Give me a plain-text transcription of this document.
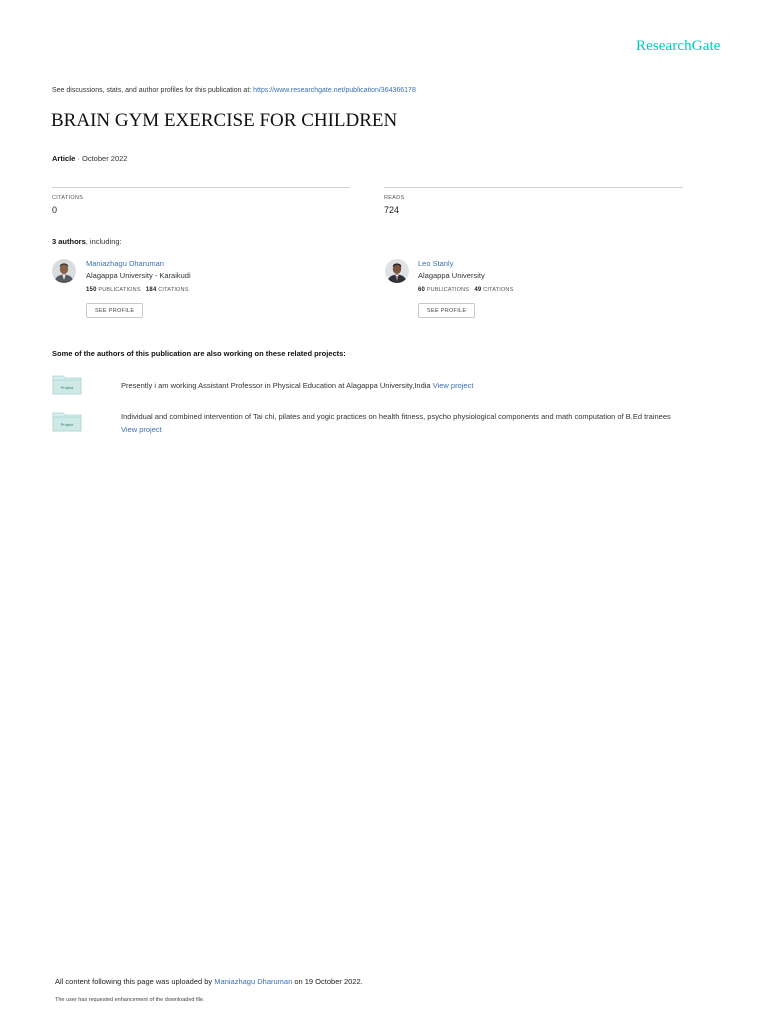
ResearchGate
See discussions, stats, and author profiles for this publication at: https://www.researchgate.net/publication/364366178
BRAIN GYM EXERCISE FOR CHILDREN
Article · October 2022
CITATIONS
0
READS
724
3 authors, including:
Maniazhagu Dharuman
Alagappa University - Karaikudi
150 PUBLICATIONS 184 CITATIONS
SEE PROFILE
Leo Stanly
Alagappa University
60 PUBLICATIONS 49 CITATIONS
SEE PROFILE
Some of the authors of this publication are also working on these related projects:
Project	Presently i am working Assistant Professor in Physical Education at Alagappa University,India View project
Project
Individual and combined intervention of Tai chi, pilates and yogic practices on health fitness, psycho physiological components and math computation of B.Ed trainees
View project
All content following this page was uploaded by Maniazhagu Dharuman on 19 October 2022.
The user has requested enhancement of the downloaded file.
